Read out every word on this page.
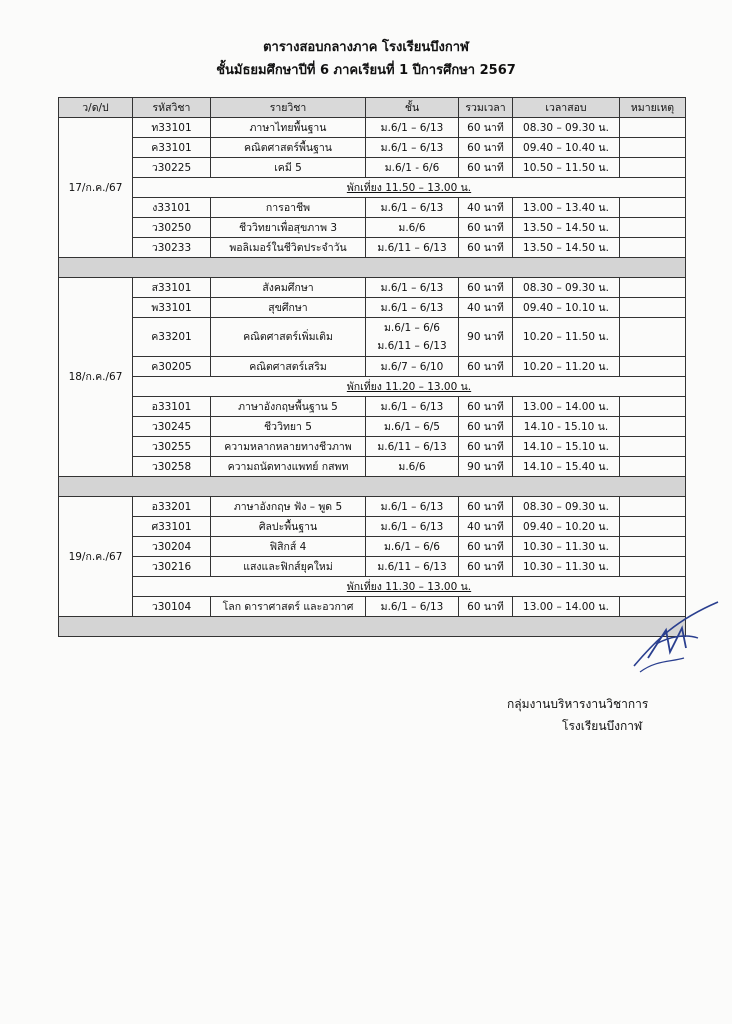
ตารางสอบกลางภาค โรงเรียนบึงกาฬ
ชั้นมัธยมศึกษาปีที่ 6 ภาคเรียนที่ 1 ปีการศึกษา 2567
ว/ด/ป	รหัสวิชา	รายวิชา	ชั้น	รวมเวลา	เวลาสอบ	หมายเหตุ
17/ก.ค./67	ท33101	ภาษาไทยพื้นฐาน	ม.6/1 – 6/13	60 นาที	08.30 – 09.30 น.	
	ค33101	คณิตศาสตร์พื้นฐาน	ม.6/1 – 6/13	60 นาที	09.40 – 10.40 น.	
	ว30225	เคมี 5	ม.6/1 - 6/6	60 นาที	10.50 – 11.50 น.	
	พักเที่ยง 11.50 – 13.00 น.					
	ง33101	การอาชีพ	ม.6/1 – 6/13	40 นาที	13.00 – 13.40 น.	
	ว30250	ชีววิทยาเพื่อสุขภาพ 3	ม.6/6	60 นาที	13.50 – 14.50 น.	
	ว30233	พอลิเมอร์ในชีวิตประจำวัน	ม.6/11 – 6/13	60 นาที	13.50 – 14.50 น.	

18/ก.ค./67	ส33101	สังคมศึกษา	ม.6/1 – 6/13	60 นาที	08.30 – 09.30 น.	
	พ33101	สุขศึกษา	ม.6/1 – 6/13	40 นาที	09.40 – 10.10 น.	
	ค33201	คณิตศาสตร์เพิ่มเติม	ม.6/1 – 6/6
ม.6/11 – 6/13	90 นาที	10.20 – 11.50 น.	
	ค30205	คณิตศาสตร์เสริม	ม.6/7 – 6/10	60 นาที	10.20 – 11.20 น.	
	พักเที่ยง 11.20 – 13.00 น.					
	อ33101	ภาษาอังกฤษพื้นฐาน 5	ม.6/1 – 6/13	60 นาที	13.00 – 14.00 น.	
	ว30245	ชีววิทยา 5	ม.6/1 – 6/5	60 นาที	14.10 - 15.10 น.	
	ว30255	ความหลากหลายทางชีวภาพ	ม.6/11 – 6/13	60 นาที	14.10 – 15.10 น.	
	ว30258	ความถนัดทางแพทย์ กสพท	ม.6/6	90 นาที	14.10 – 15.40 น.	

19/ก.ค./67	อ33201	ภาษาอังกฤษ ฟัง – พูด 5	ม.6/1 – 6/13	60 นาที	08.30 – 09.30 น.	
	ศ33101	ศิลปะพื้นฐาน	ม.6/1 – 6/13	40 นาที	09.40 – 10.20 น.	
	ว30204	ฟิสิกส์ 4	ม.6/1 – 6/6	60 นาที	10.30 – 11.30 น.	
	ว30216	แสงและฟิกส์ยุคใหม่	ม.6/11 – 6/13	60 นาที	10.30 – 11.30 น.	
	พักเที่ยง 11.30 – 13.00 น.					
	ว30104	โลก ดาราศาสตร์ และอวกาศ	ม.6/1 – 6/13	60 นาที	13.00 – 14.00 น.	

กลุ่มงานบริหารงานวิชาการ
โรงเรียนบึงกาฬ
